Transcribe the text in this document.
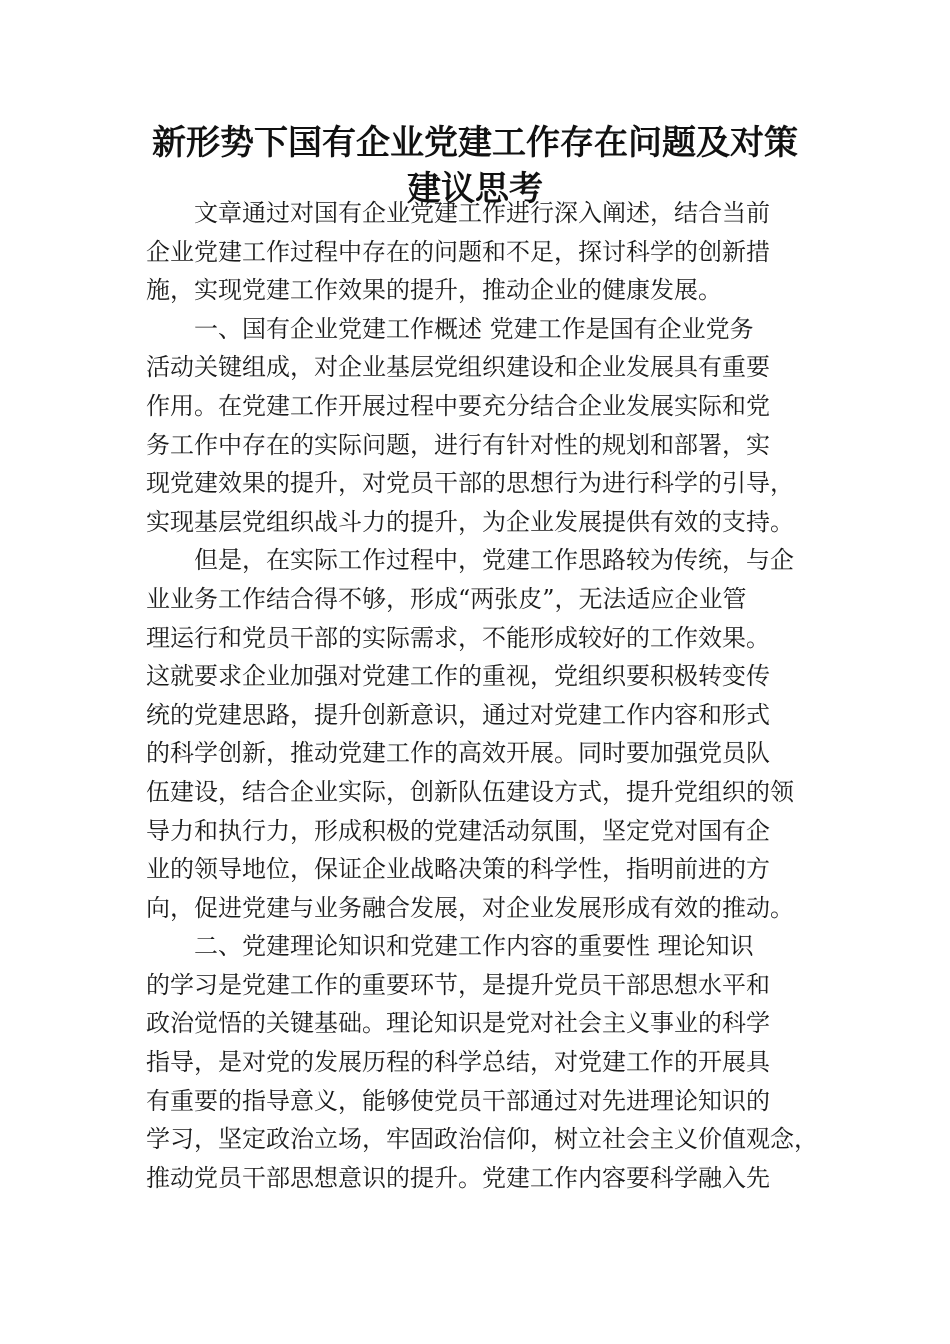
新形势下国有企业党建工作存在问题及对策
建议思考

文章通过对国有企业党建工作进行深入阐述，结合当前
企业党建工作过程中存在的问题和不足，探讨科学的创新措
施，实现党建工作效果的提升，推动企业的健康发展。

一、国有企业党建工作概述 党建工作是国有企业党务
活动关键组成，对企业基层党组织建设和企业发展具有重要
作用。在党建工作开展过程中要充分结合企业发展实际和党
务工作中存在的实际问题，进行有针对性的规划和部署，实
现党建效果的提升，对党员干部的思想行为进行科学的引导，
实现基层党组织战斗力的提升，为企业发展提供有效的支持。

但是，在实际工作过程中，党建工作思路较为传统，与企
业业务工作结合得不够，形成“两张皮”，无法适应企业管
理运行和党员干部的实际需求，不能形成较好的工作效果。
这就要求企业加强对党建工作的重视，党组织要积极转变传
统的党建思路，提升创新意识，通过对党建工作内容和形式
的科学创新，推动党建工作的高效开展。同时要加强党员队
伍建设，结合企业实际，创新队伍建设方式，提升党组织的领
导力和执行力，形成积极的党建活动氛围，坚定党对国有企
业的领导地位，保证企业战略决策的科学性，指明前进的方
向，促进党建与业务融合发展，对企业发展形成有效的推动。

二、党建理论知识和党建工作内容的重要性 理论知识
的学习是党建工作的重要环节，是提升党员干部思想水平和
政治觉悟的关键基础。理论知识是党对社会主义事业的科学
指导，是对党的发展历程的科学总结，对党建工作的开展具
有重要的指导意义，能够使党员干部通过对先进理论知识的
学习，坚定政治立场，牢固政治信仰，树立社会主义价值观念，
推动党员干部思想意识的提升。党建工作内容要科学融入先
